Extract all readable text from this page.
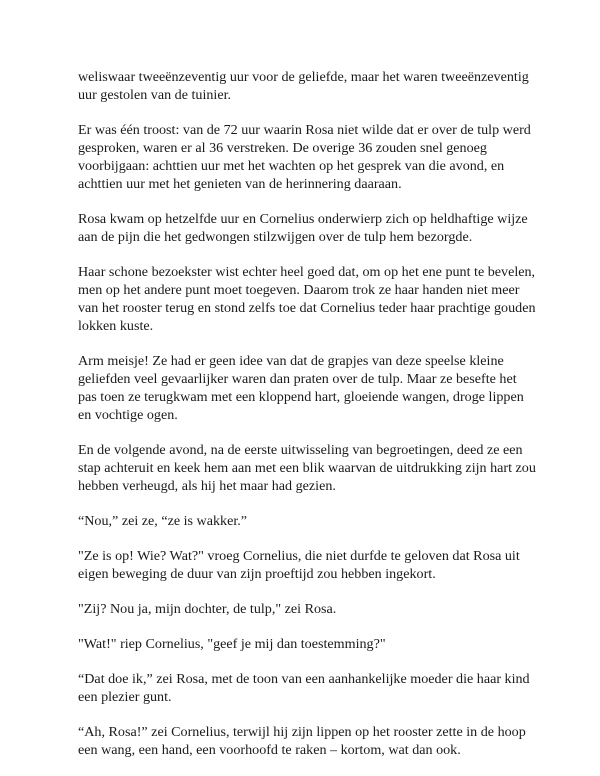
weliswaar tweeënzeventig uur voor de geliefde, maar het waren tweeënzeventig uur gestolen van de tuinier.

Er was één troost: van de 72 uur waarin Rosa niet wilde dat er over de tulp werd gesproken, waren er al 36 verstreken. De overige 36 zouden snel genoeg voorbijgaan: achttien uur met het wachten op het gesprek van die avond, en achttien uur met het genieten van de herinnering daaraan.

Rosa kwam op hetzelfde uur en Cornelius onderwierp zich op heldhaftige wijze aan de pijn die het gedwongen stilzwijgen over de tulp hem bezorgde.

Haar schone bezoekster wist echter heel goed dat, om op het ene punt te bevelen, men op het andere punt moet toegeven. Daarom trok ze haar handen niet meer van het rooster terug en stond zelfs toe dat Cornelius teder haar prachtige gouden lokken kuste.

Arm meisje! Ze had er geen idee van dat de grapjes van deze speelse kleine geliefden veel gevaarlijker waren dan praten over de tulp. Maar ze besefte het pas toen ze terugkwam met een kloppend hart, gloeiende wangen, droge lippen en vochtige ogen.

En de volgende avond, na de eerste uitwisseling van begroetingen, deed ze een stap achteruit en keek hem aan met een blik waarvan de uitdrukking zijn hart zou hebben verheugd, als hij het maar had gezien.

“Nou,” zei ze, “ze is wakker.”

"Ze is op! Wie? Wat?" vroeg Cornelius, die niet durfde te geloven dat Rosa uit eigen beweging de duur van zijn proeftijd zou hebben ingekort.

"Zij? Nou ja, mijn dochter, de tulp," zei Rosa.

"Wat!" riep Cornelius, "geef je mij dan toestemming?"

“Dat doe ik,” zei Rosa, met de toon van een aanhankelijke moeder die haar kind een plezier gunt.

“Ah, Rosa!” zei Cornelius, terwijl hij zijn lippen op het rooster zette in de hoop een wang, een hand, een voorhoofd te raken – kortom, wat dan ook.
